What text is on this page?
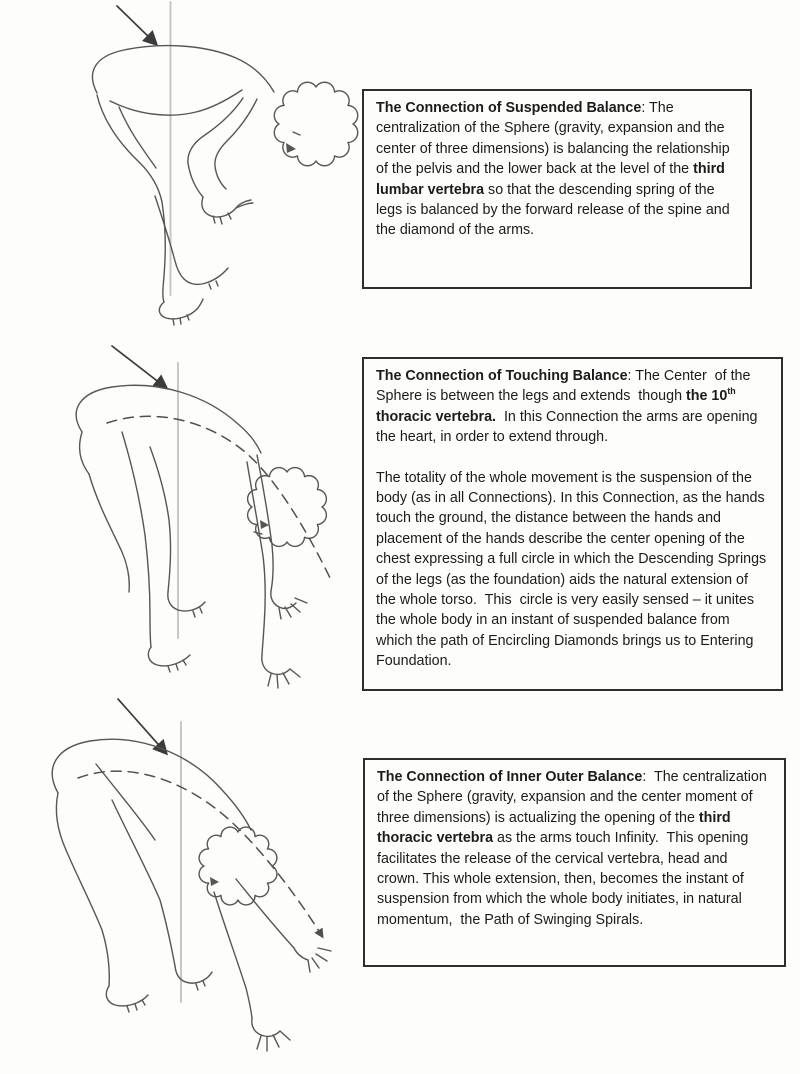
The Connection of Suspended Balance: The centralization of the Sphere (gravity, expansion and the center of three dimensions) is balancing the relationship of the pelvis and the lower back at the level of the third lumbar vertebra so that the descending spring of the legs is balanced by the forward release of the spine and the diamond of the arms.

The Connection of Touching Balance: The Center  of the Sphere is between the legs and extends  though the 10th thoracic vertebra.  In this Connection the arms are opening the heart, in order to extend through.

The totality of the whole movement is the suspension of the body (as in all Connections). In this Connection, as the hands touch the ground, the distance between the hands and placement of the hands describe the center opening of the chest expressing a full circle in which the Descending Springs of the legs (as the foundation) aids the natural extension of the whole torso.  This  circle is very easily sensed – it unites the whole body in an instant of suspended balance from which the path of Encircling Diamonds brings us to Entering Foundation.

The Connection of Inner Outer Balance:  The centralization of the Sphere (gravity, expansion and the center moment of three dimensions) is actualizing the opening of the third thoracic vertebra as the arms touch Infinity.  This opening facilitates the release of the cervical vertebra, head and crown. This whole extension, then, becomes the instant of suspension from which the whole body initiates, in natural momentum,  the Path of Swinging Spirals.
